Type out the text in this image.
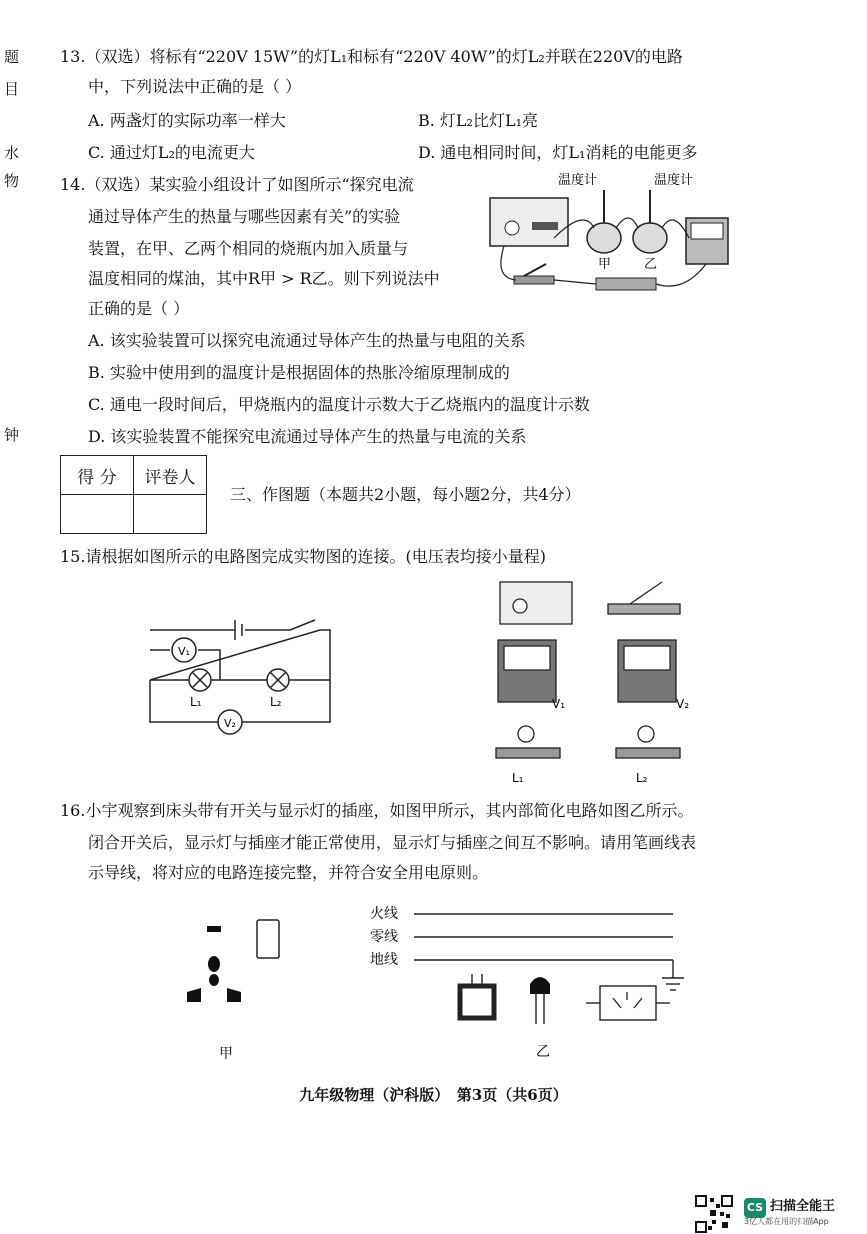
题
目
水
物
钟
13.（双选）将标有“220V 15W”的灯L₁和标有“220V 40W”的灯L₂并联在220V的电路
中，下列说法中正确的是（ ）
A. 两盏灯的实际功率一样大	B. 灯L₂比灯L₁亮
C. 通过灯L₂的电流更大	D. 通电相同时间，灯L₁消耗的电能更多
14.（双选）某实验小组设计了如图所示“探究电流
通过导体产生的热量与哪些因素有关”的实验
装置，在甲、乙两个相同的烧瓶内加入质量与
温度相同的煤油，其中R甲 > R乙。则下列说法中
正确的是（ ）
温度计	温度计
甲	乙
A. 该实验装置可以探究电流通过导体产生的热量与电阻的关系
B. 实验中使用到的温度计是根据固体的热胀冷缩原理制成的
C. 通电一段时间后，甲烧瓶内的温度计示数大于乙烧瓶内的温度计示数
D. 该实验装置不能探究电流通过导体产生的热量与电流的关系
得 分	评卷人

三、作图题（本题共2小题，每小题2分，共4分）
15.请根据如图所示的电路图完成实物图的连接。(电压表均接小量程)
V₁
V₂
L₁	L₂	V₁	V₂
L₁	L₂
16.小宇观察到床头带有开关与显示灯的插座，如图甲所示，其内部简化电路如图乙所示。
闭合开关后，显示灯与插座才能正常使用，显示灯与插座之间互不影响。请用笔画线表
示导线，将对应的电路连接完整，并符合安全用电原则。
甲
火线
零线
地线
乙
九年级物理（沪科版）　第3页（共6页）
CS 扫描全能王
3亿人都在用的扫描App
